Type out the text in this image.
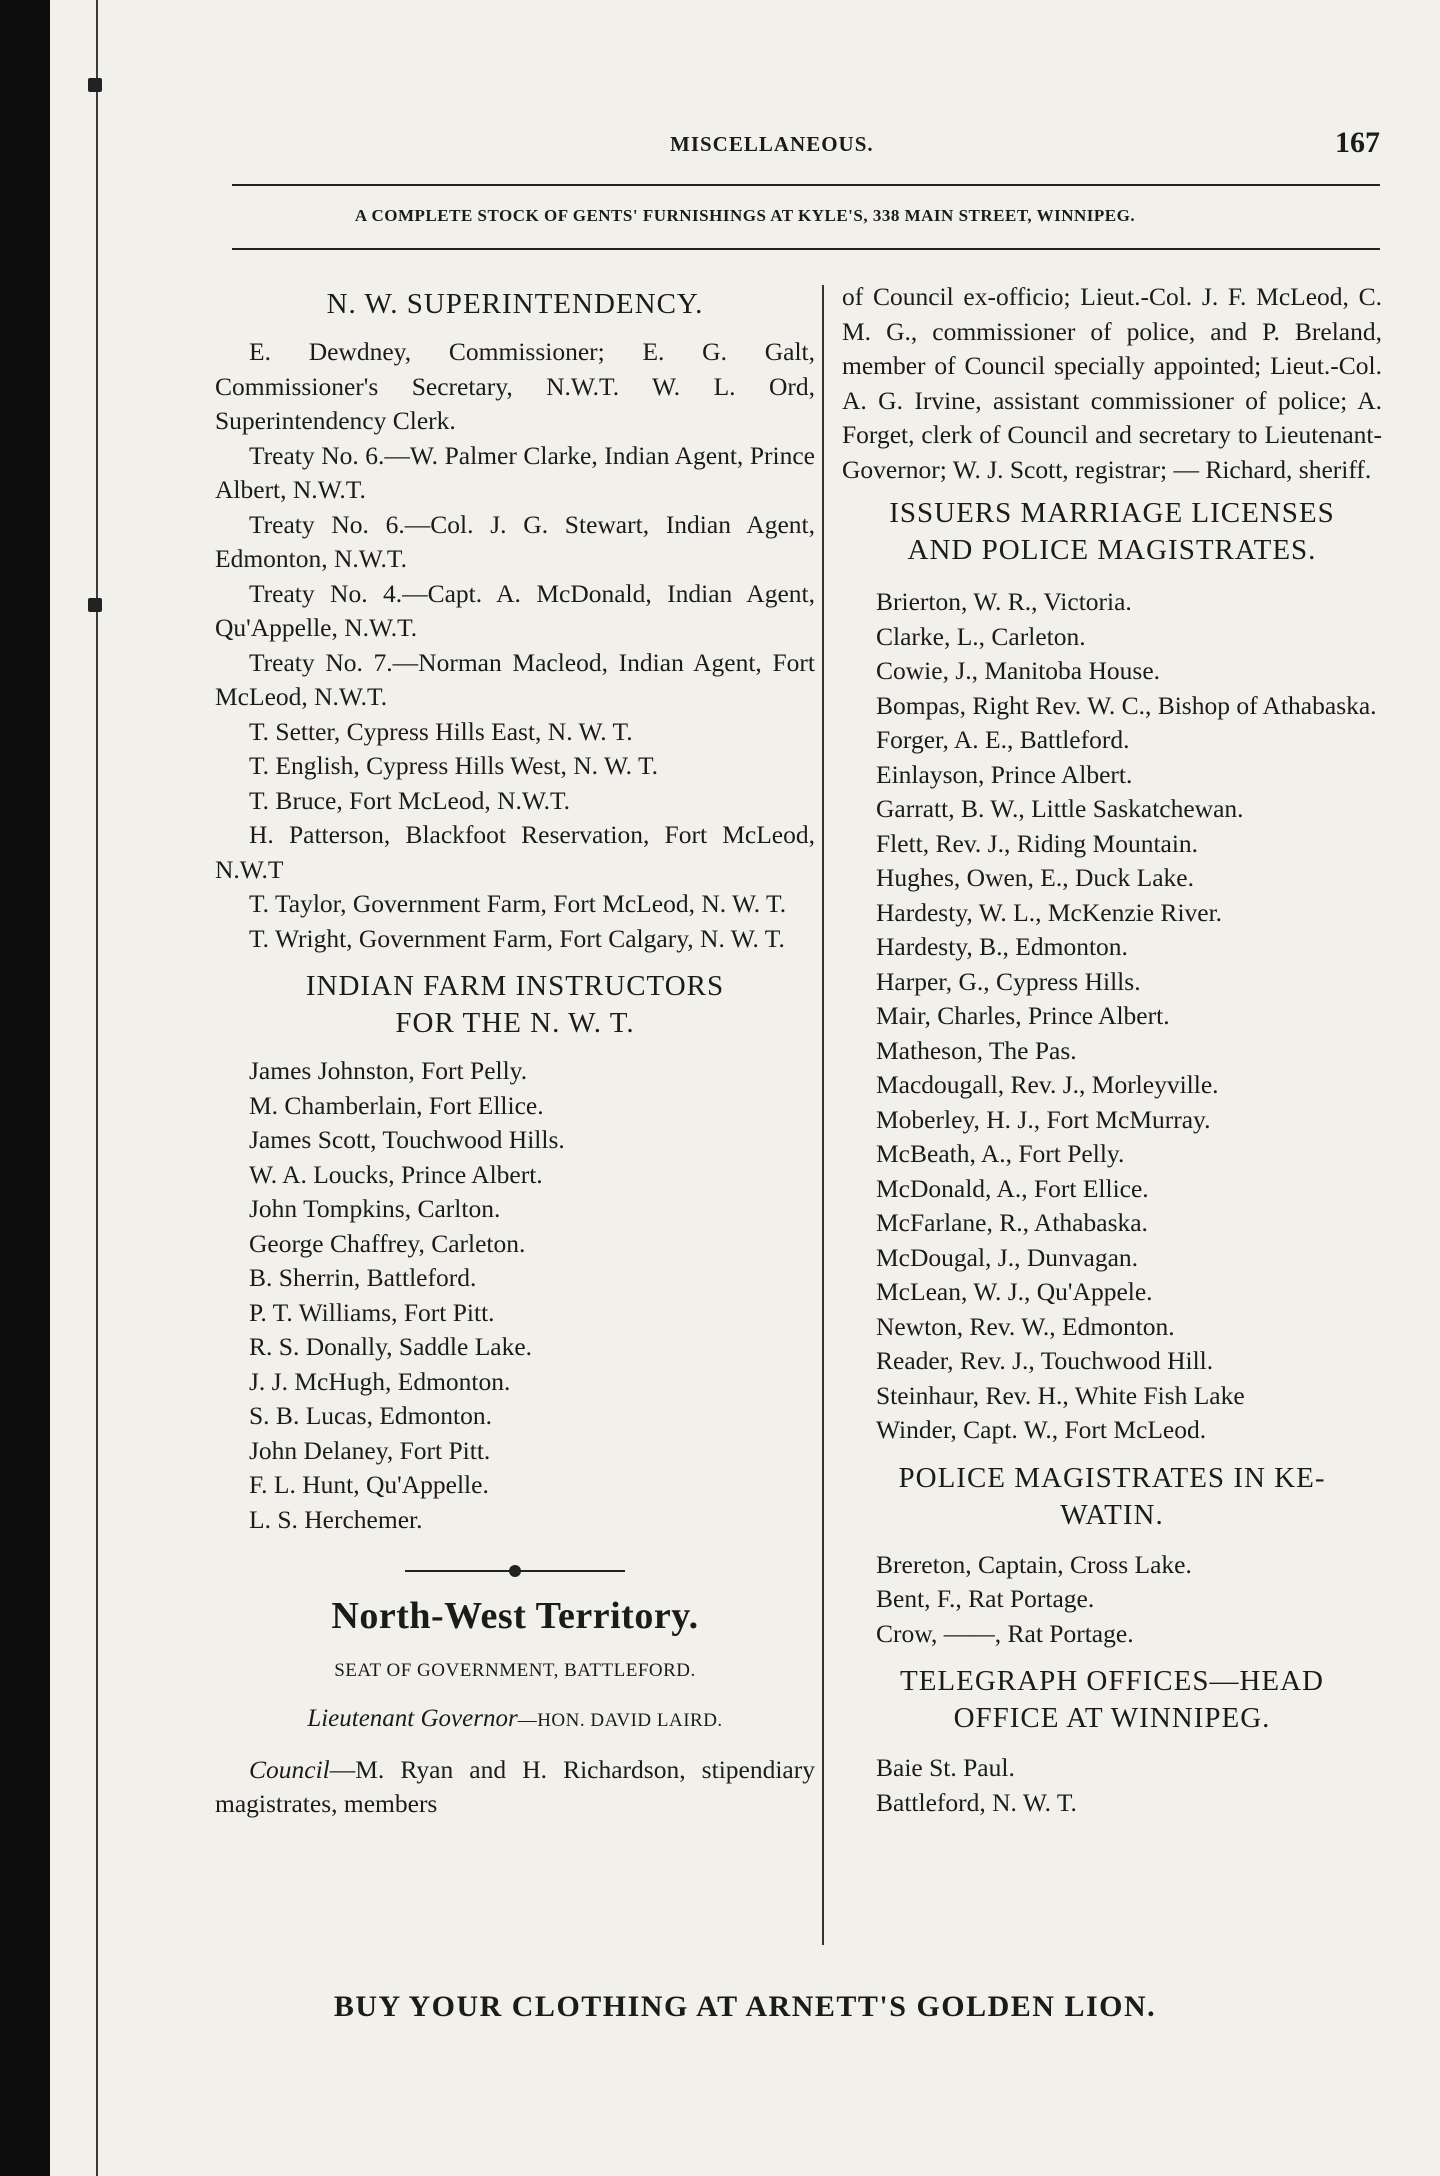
MISCELLANEOUS.	167
A COMPLETE STOCK OF GENTS' FURNISHINGS AT KYLE'S, 338 MAIN STREET, WINNIPEG.
N. W. SUPERINTENDENCY.

E. Dewdney, Commissioner; E. G. Galt, Commissioner's Secretary, N.W.T. W. L. Ord, Superintendency Clerk.

Treaty No. 6.—W. Palmer Clarke, Indian Agent, Prince Albert, N.W.T.

Treaty No. 6.—Col. J. G. Stewart, Indian Agent, Edmonton, N.W.T.

Treaty No. 4.—Capt. A. McDonald, Indian Agent, Qu'Appelle, N.W.T.

Treaty No. 7.—Norman Macleod, Indian Agent, Fort McLeod, N.W.T.

T. Setter, Cypress Hills East, N. W. T.

T. English, Cypress Hills West, N. W. T.

T. Bruce, Fort McLeod, N.W.T.

H. Patterson, Blackfoot Reservation, Fort McLeod, N.W.T

T. Taylor, Government Farm, Fort McLeod, N. W. T.

T. Wright, Government Farm, Fort Calgary, N. W. T.

INDIAN FARM INSTRUCTORS
FOR THE N. W. T.

James Johnston, Fort Pelly.

M. Chamberlain, Fort Ellice.

James Scott, Touchwood Hills.

W. A. Loucks, Prince Albert.

John Tompkins, Carlton.

George Chaffrey, Carleton.

B. Sherrin, Battleford.

P. T. Williams, Fort Pitt.

R. S. Donally, Saddle Lake.

J. J. McHugh, Edmonton.

S. B. Lucas, Edmonton.

John Delaney, Fort Pitt.

F. L. Hunt, Qu'Appelle.

L. S. Herchemer.

North-West Territory.
SEAT OF GOVERNMENT, BATTLEFORD.
Lieutenant Governor—HON. DAVID LAIRD.

Council—M. Ryan and H. Richardson, stipendiary magistrates, members

of Council ex-officio; Lieut.-Col. J. F. McLeod, C. M. G., commissioner of police, and P. Breland, member of Council specially appointed; Lieut.-Col. A. G. Irvine, assistant commissioner of police; A. Forget, clerk of Council and secretary to Lieutenant-Governor; W. J. Scott, registrar; — Richard, sheriff.

ISSUERS MARRIAGE LICENSES
AND POLICE MAGISTRATES.

Brierton, W. R., Victoria.

Clarke, L., Carleton.

Cowie, J., Manitoba House.

Bompas, Right Rev. W. C., Bishop of Athabaska.

Forger, A. E., Battleford.

Einlayson, Prince Albert.

Garratt, B. W., Little Saskatchewan.

Flett, Rev. J., Riding Mountain.

Hughes, Owen, E., Duck Lake.

Hardesty, W. L., McKenzie River.

Hardesty, B., Edmonton.

Harper, G., Cypress Hills.

Mair, Charles, Prince Albert.

Matheson, The Pas.

Macdougall, Rev. J., Morleyville.

Moberley, H. J., Fort McMurray.

McBeath, A., Fort Pelly.

McDonald, A., Fort Ellice.

McFarlane, R., Athabaska.

McDougal, J., Dunvagan.

McLean, W. J., Qu'Appele.

Newton, Rev. W., Edmonton.

Reader, Rev. J., Touchwood Hill.

Steinhaur, Rev. H., White Fish Lake

Winder, Capt. W., Fort McLeod.

POLICE MAGISTRATES IN KE-
WATIN.

Brereton, Captain, Cross Lake.

Bent, F., Rat Portage.

Crow, ——, Rat Portage.

TELEGRAPH OFFICES—HEAD
OFFICE AT WINNIPEG.

Baie St. Paul.

Battleford, N. W. T.

BUY YOUR CLOTHING AT ARNETT'S GOLDEN LION.
